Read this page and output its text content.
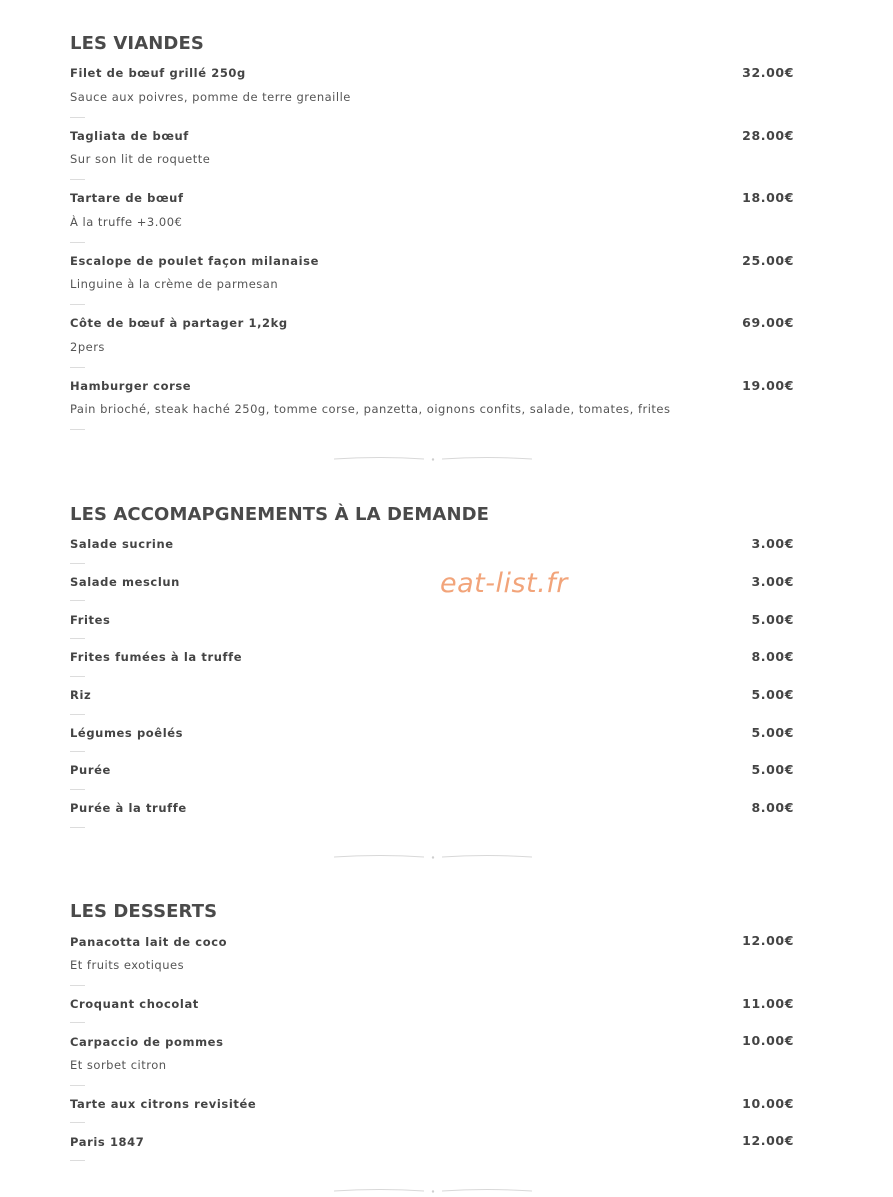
LES VIANDES
Filet de bœuf grillé 250g	32.00€
Sauce aux poivres, pomme de terre grenaille
Tagliata de bœuf	28.00€
Sur son lit de roquette
Tartare de bœuf	18.00€
À la truffe +3.00€
Escalope de poulet façon milanaise	25.00€
Linguine à la crème de parmesan
Côte de bœuf à partager 1,2kg	69.00€
2pers
Hamburger corse	19.00€
Pain brioché, steak haché 250g, tomme corse, panzetta, oignons confits, salade, tomates, frites
LES ACCOMAPGNEMENTS À LA DEMANDE
Salade sucrine	3.00€
Salade mesclun	3.00€
Frites	5.00€
Frites fumées à la truffe	8.00€
Riz	5.00€
Légumes poêlés	5.00€
Purée	5.00€
Purée à la truffe	8.00€
eat-list.fr
LES DESSERTS
Panacotta lait de coco	12.00€
Et fruits exotiques
Croquant chocolat	11.00€
Carpaccio de pommes	10.00€
Et sorbet citron
Tarte aux citrons revisitée	10.00€
Paris 1847	12.00€
